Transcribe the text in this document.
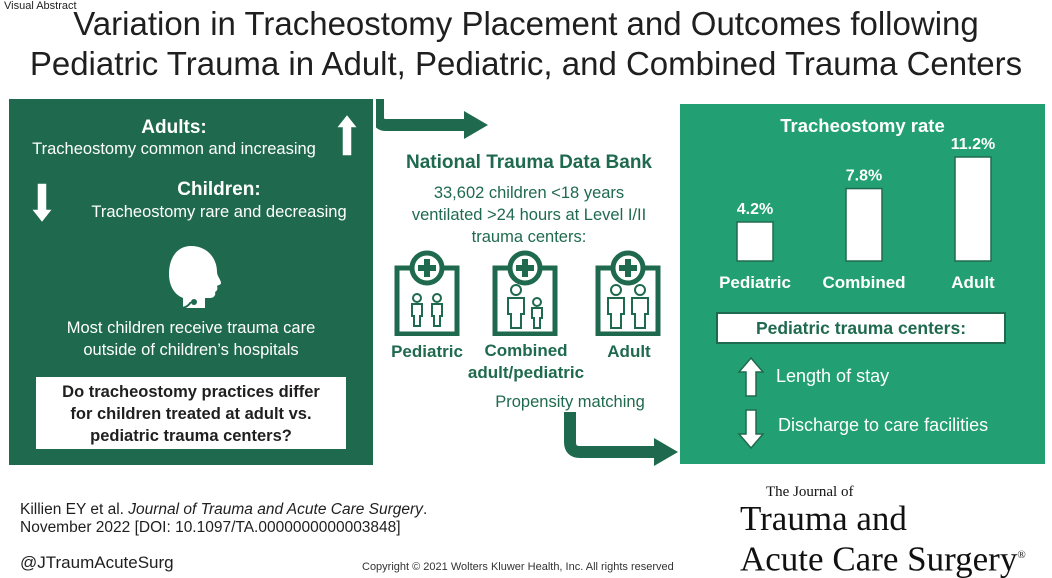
Visual Abstract
Variation in Tracheostomy Placement and Outcomes following
Pediatric Trauma in Adult, Pediatric, and Combined Trauma Centers
Adults:
Tracheostomy common and increasing
Children:
Tracheostomy rare and decreasing
Most children receive trauma care
outside of children’s hospitals
Do tracheostomy practices differ
for children treated at adult vs.
pediatric trauma centers?
National Trauma Data Bank
33,602 children <18 years
ventilated >24 hours at Level I/II
trauma centers:
Pediatric	Combined
adult/pediatric
Adult
Propensity matching
Tracheostomy rate
4.2%
Pediatric
7.8%
Combined
11.2%
Adult
Pediatric trauma centers:
Length of stay
Discharge to care facilities
Killien EY et al. Journal of Trauma and Acute Care Surgery.
November 2022 [DOI: 10.1097/TA.0000000000003848]
@JTraumAcuteSurg	Copyright © 2021 Wolters Kluwer Health, Inc. All rights reserved
The Journal of
Trauma and
Acute Care Surgery®
